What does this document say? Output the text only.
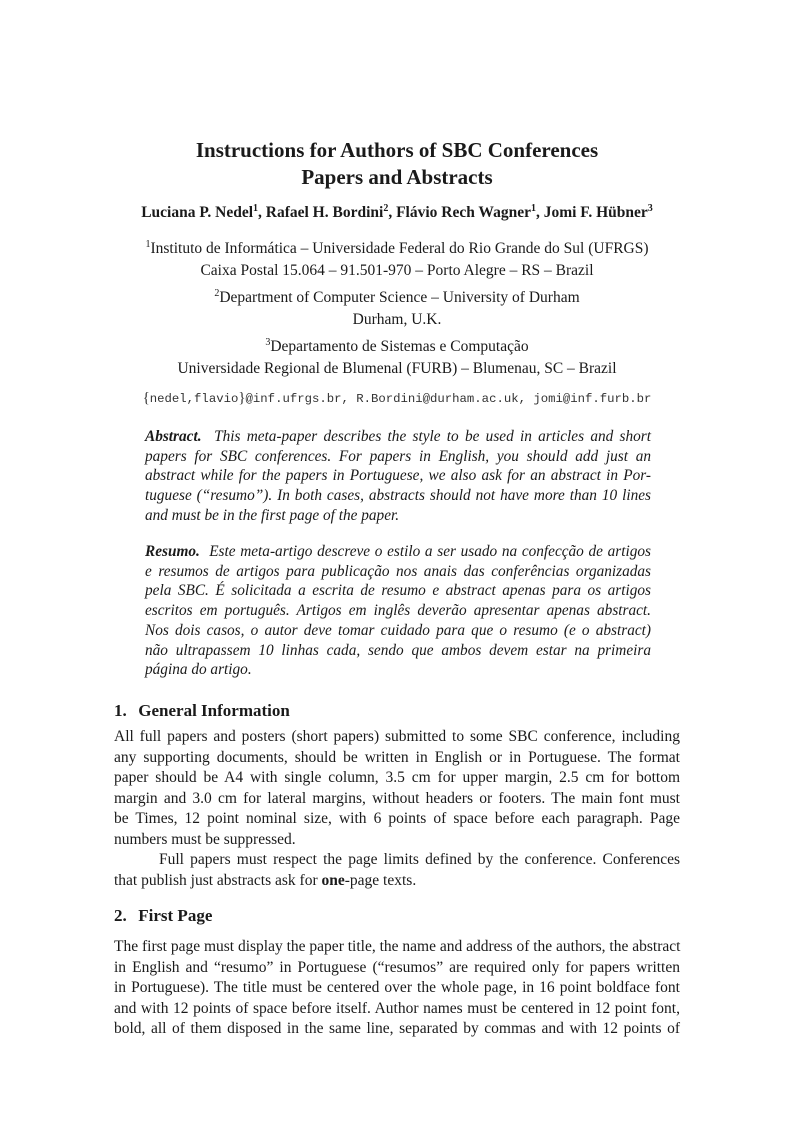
Instructions for Authors of SBC Conferences
Papers and Abstracts
Luciana P. Nedel$^1$, Rafael H. Bordini$^2$, Flávio Rech Wagner$^1$, Jomi F. Hübner$^3$
$^1$Instituto de Informática – Universidade Federal do Rio Grande do Sul (UFRGS)
Caixa Postal 15.064 – 91.501-970 – Porto Alegre – RS – Brazil
$^2$Department of Computer Science – University of Durham
Durham, U.K.
$^3$Departamento de Sistemas e Computação
Universidade Regional de Blumenal (FURB) – Blumenau, SC – Brazil
{nedel,flavio}@inf.ufrgs.br, R.Bordini@durham.ac.uk, jomi@inf.furb.br
Abstract. This meta-paper describes the style to be used in articles and short
papers for SBC conferences. For papers in English, you should add just an
abstract while for the papers in Portuguese, we also ask for an abstract in Por-
tuguese (“resumo”). In both cases, abstracts should not have more than 10 lines
and must be in the first page of the paper.
Resumo. Este meta-artigo descreve o estilo a ser usado na confecção de artigos
e resumos de artigos para publicação nos anais das conferências organizadas
pela SBC. É solicitada a escrita de resumo e abstract apenas para os artigos
escritos em português. Artigos em inglês deverão apresentar apenas abstract.
Nos dois casos, o autor deve tomar cuidado para que o resumo (e o abstract)
não ultrapassem 10 linhas cada, sendo que ambos devem estar na primeira
página do artigo.
1. General Information
All full papers and posters (short papers) submitted to some SBC conference, including
any supporting documents, should be written in English or in Portuguese. The format
paper should be A4 with single column, 3.5 cm for upper margin, 2.5 cm for bottom
margin and 3.0 cm for lateral margins, without headers or footers. The main font must
be Times, 12 point nominal size, with 6 points of space before each paragraph. Page
numbers must be suppressed.
Full papers must respect the page limits defined by the conference. Conferences
that publish just abstracts ask for one-page texts.
2. First Page
The first page must display the paper title, the name and address of the authors, the abstract
in English and “resumo” in Portuguese (“resumos” are required only for papers written
in Portuguese). The title must be centered over the whole page, in 16 point boldface font
and with 12 points of space before itself. Author names must be centered in 12 point font,
bold, all of them disposed in the same line, separated by commas and with 12 points of
